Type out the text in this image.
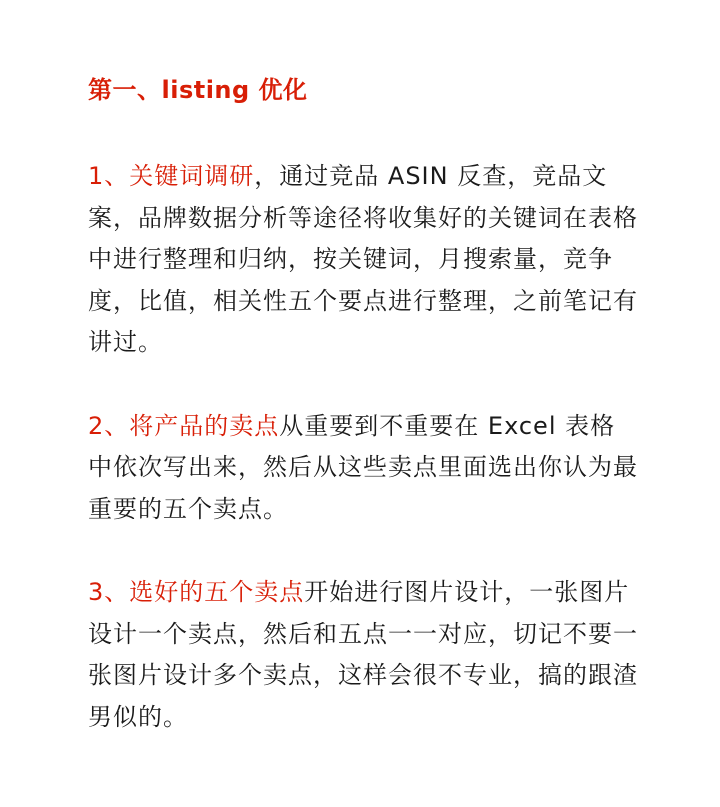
第一、listing 优化

1、关键词调研，通过竞品 ASIN 反查，竞品文案，品牌数据分析等途径将收集好的关键词在表格中进行整理和归纳，按关键词，月搜索量，竞争度，比值，相关性五个要点进行整理，之前笔记有讲过。

2、将产品的卖点从重要到不重要在 Excel 表格中依次写出来，然后从这些卖点里面选出你认为最重要的五个卖点。

3、选好的五个卖点开始进行图片设计，一张图片设计一个卖点，然后和五点一一对应，切记不要一张图片设计多个卖点，这样会很不专业，搞的跟渣男似的。
